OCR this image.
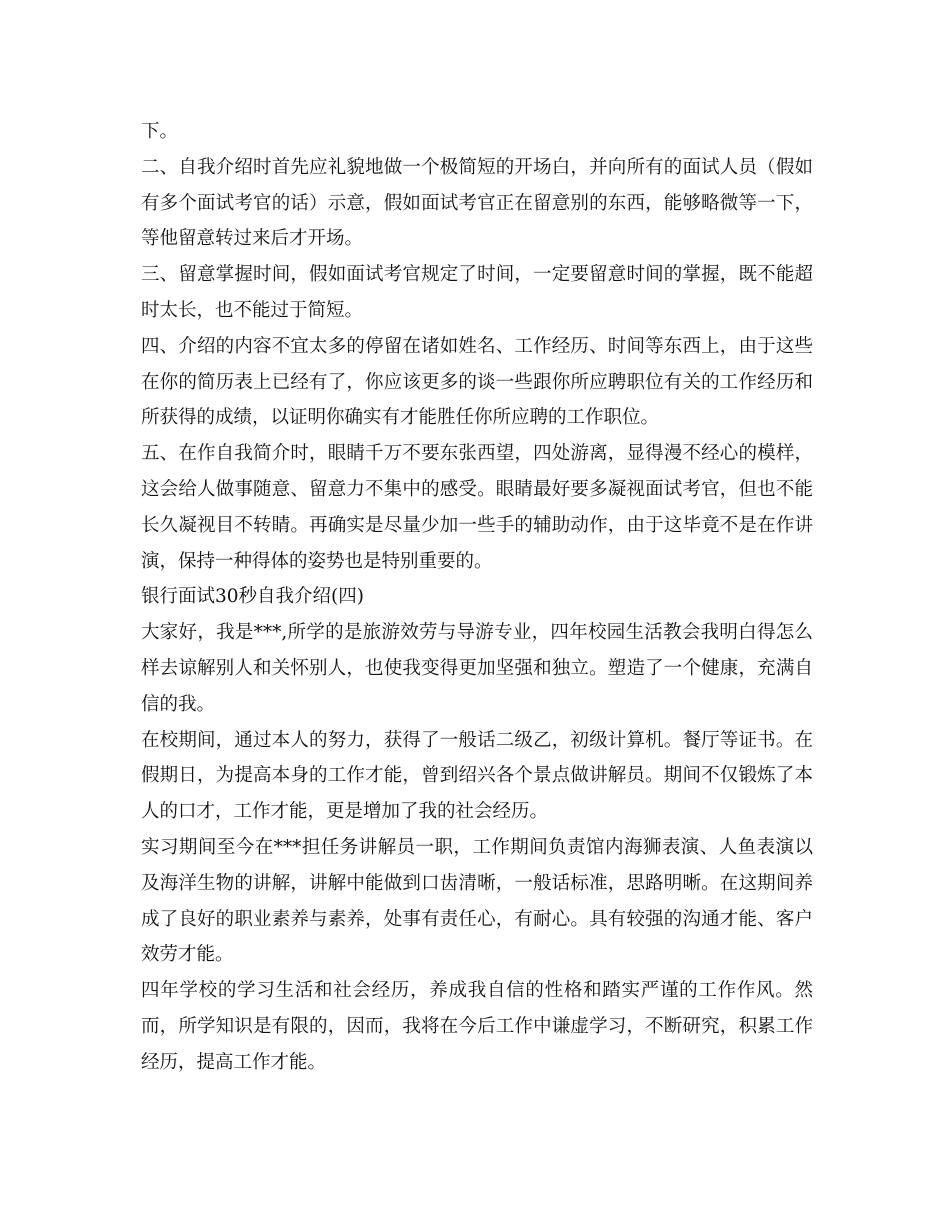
下。

二、自我介绍时首先应礼貌地做一个极简短的开场白，并向所有的面试人员（假如有多个面试考官的话）示意，假如面试考官正在留意别的东西，能够略微等一下，等他留意转过来后才开场。

三、留意掌握时间，假如面试考官规定了时间，一定要留意时间的掌握，既不能超时太长，也不能过于简短。

四、介绍的内容不宜太多的停留在诸如姓名、工作经历、时间等东西上，由于这些在你的简历表上已经有了，你应该更多的谈一些跟你所应聘职位有关的工作经历和所获得的成绩，以证明你确实有才能胜任你所应聘的工作职位。

五、在作自我简介时，眼睛千万不要东张西望，四处游离，显得漫不经心的模样，这会给人做事随意、留意力不集中的感受。眼睛最好要多凝视面试考官，但也不能长久凝视目不转睛。再确实是尽量少加一些手的辅助动作，由于这毕竟不是在作讲演，保持一种得体的姿势也是特别重要的。

银行面试30秒自我介绍(四)

大家好，我是***,所学的是旅游效劳与导游专业，四年校园生活教会我明白得怎么样去谅解别人和关怀别人，也使我变得更加坚强和独立。塑造了一个健康，充满自信的我。

在校期间，通过本人的努力，获得了一般话二级乙，初级计算机。餐厅等证书。在假期日，为提高本身的工作才能，曾到绍兴各个景点做讲解员。期间不仅锻炼了本人的口才，工作才能，更是增加了我的社会经历。

实习期间至今在***担任务讲解员一职，工作期间负责馆内海狮表演、人鱼表演以及海洋生物的讲解，讲解中能做到口齿清晰，一般话标准，思路明晰。在这期间养成了良好的职业素养与素养，处事有责任心，有耐心。具有较强的沟通才能、客户效劳才能。

四年学校的学习生活和社会经历，养成我自信的性格和踏实严谨的工作作风。然而，所学知识是有限的，因而，我将在今后工作中谦虚学习，不断研究，积累工作经历，提高工作才能。
